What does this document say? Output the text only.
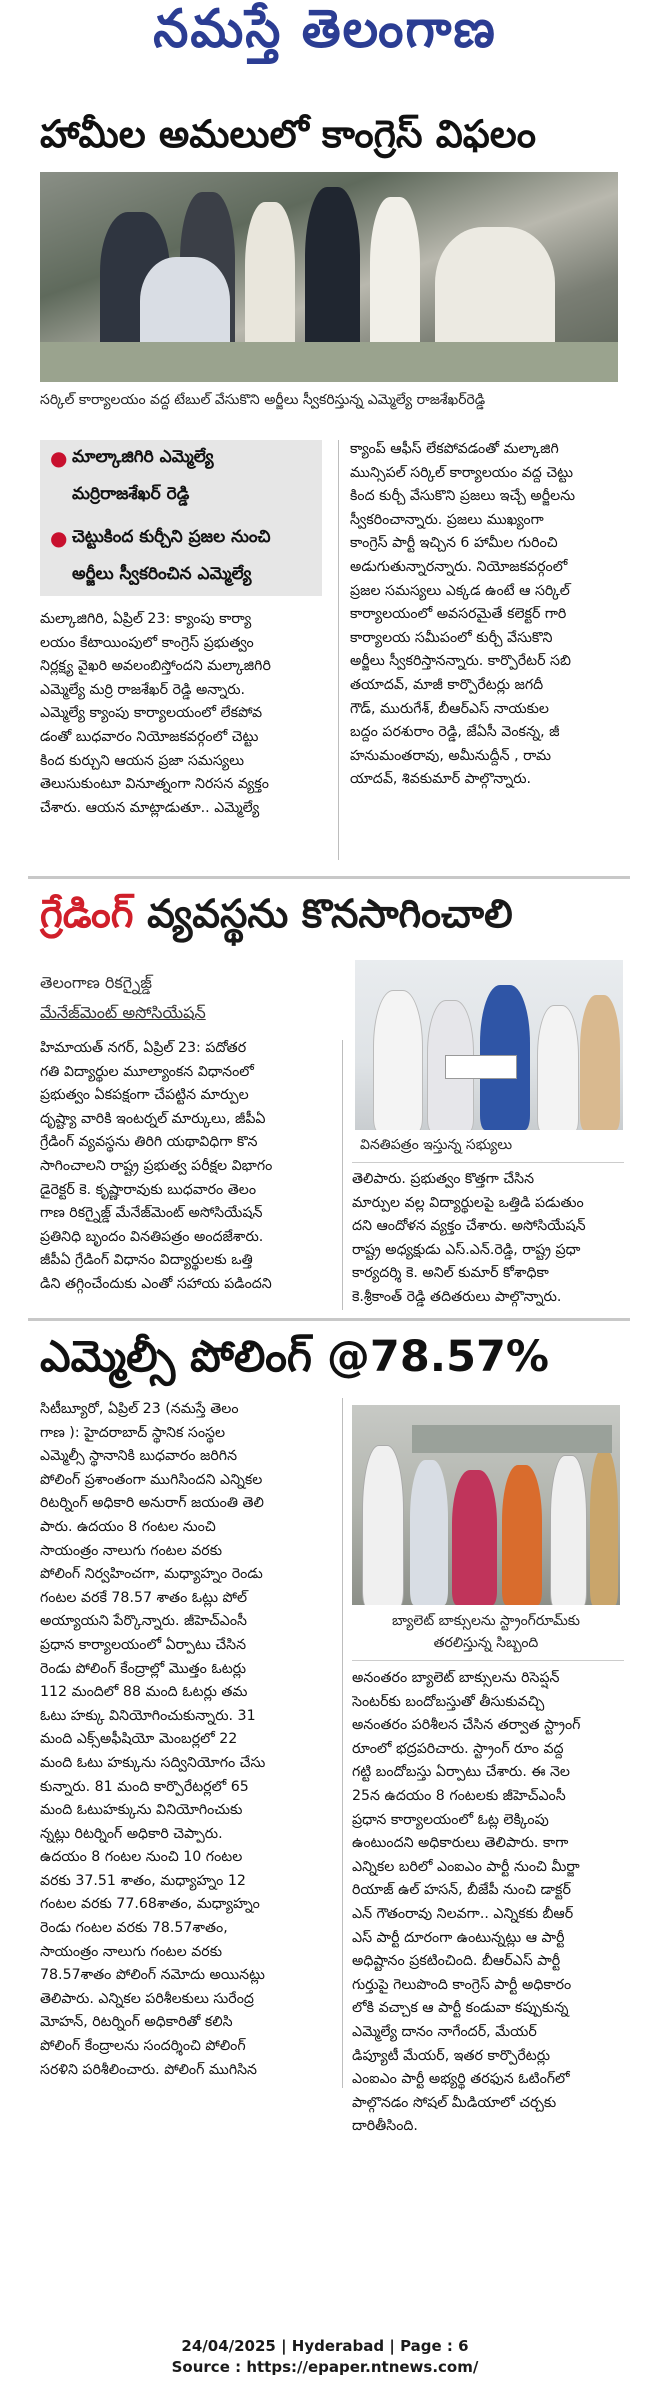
నమస్తే తెలంగాణ
హామీల అమలులో కాంగ్రెస్ విఫలం
సర్కిల్ కార్యాలయం వద్ద టేబుల్ వేసుకొని అర్జీలు స్వీకరిస్తున్న ఎమ్మెల్యే రాజశేఖర్‌రెడ్డి
● మాల్కాజిగిరి ఎమ్మెల్యే
మర్రిరాజశేఖర్ రెడ్డి
● చెట్టుకింద కుర్చీని ప్రజల నుంచి
అర్జీలు స్వీకరించిన ఎమ్మెల్యే
మల్కాజిగిరి, ఏప్రిల్ 23: క్యాంపు కార్యా
లయం కేటాయింపులో కాంగ్రెస్ ప్రభుత్వం
నిర్లక్ష్య వైఖరి అవలంబిస్తోందని మల్కాజిగిరి
ఎమ్మెల్యే మర్రి రాజశేఖర్ రెడ్డి అన్నారు.
ఎమ్మెల్యే క్యాంపు కార్యాలయంలో లేకపోవ
డంతో బుధవారం నియోజకవర్గంలో చెట్టు
కింద కుర్చుని ఆయన ప్రజా సమస్యలు
తెలుసుకుంటూ వినూత్నంగా నిరసన వ్యక్తం
చేశారు. ఆయన మాట్లాడుతూ.. ఎమ్మెల్యే
క్యాంప్ ఆఫీస్ లేకపోవడంతో మల్కాజిగి
మున్సిపల్ సర్కిల్ కార్యాలయం వద్ద చెట్టు
కింద కుర్చీ వేసుకొని ప్రజలు ఇచ్చే అర్జీలను
స్వీకరించాన్నారు. ప్రజలు ముఖ్యంగా
కాంగ్రెస్ పార్టీ ఇచ్చిన 6 హామీల గురించి
అడుగుతున్నారన్నారు. నియోజకవర్గంలో
ప్రజల సమస్యలు ఎక్కడ ఉంటే ఆ సర్కిల్
కార్యాలయంలో అవసరమైతే కలెక్టర్ గారి
కార్యాలయ సమీపంలో కుర్చీ వేసుకొని
అర్జీలు స్వీకరిస్తానన్నారు. కార్పొరేటర్ సబి
తయాదవ్, మాజీ కార్పొరేటర్లు జగదీ
గౌడ్, మురుగేశ్, బీఆర్‌ఎస్ నాయకుల
బద్దం పరశురాం రెడ్డి, జేఏసీ వెంకన్న, జీ
హనుమంతరావు, అమీనుద్దీన్ , రామ
యాదవ్, శివకుమార్ పాల్గొన్నారు.
గ్రేడింగ్ వ్యవస్థను కొనసాగించాలి
తెలంగాణ రికగ్నైజ్డ్
మేనేజ్‌మెంట్ అసోసియేషన్
హిమాయత్ నగర్, ఏప్రిల్ 23: పదోతర
గతి విద్యార్థుల మూల్యాంకన విధానంలో
ప్రభుత్వం ఏకపక్షంగా చేపట్టిన మార్పుల
దృష్ట్యా వారికి ఇంటర్నల్ మార్కులు, జీపీఏ
గ్రేడింగ్ వ్యవస్థను తిరిగి యథావిధిగా కొన
సాగించాలని రాష్ట్ర ప్రభుత్వ పరీక్షల విభాగం
డైరెక్టర్ కె. కృష్ణారావుకు బుధవారం తెలం
గాణ రికగ్నైజ్డ్ మేనేజ్‌మెంట్ అసోసియేషన్
ప్రతినిధి బృందం వినతిపత్రం అందజేశారు.
జీపీఏ గ్రేడింగ్ విధానం విద్యార్థులకు ఒత్తి
డిని తగ్గించేందుకు ఎంతో సహాయ పడిందని
వినతిపత్రం ఇస్తున్న సభ్యులు
తెలిపారు. ప్రభుత్వం కొత్తగా చేసిన
మార్పుల వల్ల విద్యార్థులపై ఒత్తిడి పడుతుం
దని ఆందోళన వ్యక్తం చేశారు. అసోసియేషన్
రాష్ట్ర అధ్యక్షుడు ఎస్.ఎన్.రెడ్డి, రాష్ట్ర ప్రధా
కార్యదర్శి కె. అనిల్ కుమార్ కోశాధికా
కె.శ్రీకాంత్ రెడ్డి తదితరులు పాల్గొన్నారు.
ఎమ్మెల్సీ పోలింగ్ @78.57%
సిటీబ్యూరో, ఏప్రిల్ 23 (నమస్తే తెలం
గాణ ): హైదరాబాద్ స్థానిక సంస్థల
ఎమ్మెల్సీ స్థానానికి బుధవారం జరిగిన
పోలింగ్ ప్రశాంతంగా ముగిసిందని ఎన్నికల
రిటర్నింగ్ అధికారి అనురాగ్ జయంతి తెలి
పారు. ఉదయం 8 గంటల నుంచి
సాయంత్రం నాలుగు గంటల వరకు
పోలింగ్ నిర్వహించగా, మధ్యాహ్నం రెండు
గంటల వరకే 78.57 శాతం ఓట్లు పోల్
అయ్యాయని పేర్కొన్నారు. జీహెచ్ఎంసీ
ప్రధాన కార్యాలయంలో ఏర్పాటు చేసిన
రెండు పోలింగ్ కేంద్రాల్లో మొత్తం ఓటర్లు
112 మందిలో 88 మంది ఓటర్లు తమ
ఓటు హక్కు వినియోగించుకున్నారు. 31
మంది ఎక్స్‌అఫీషియో మెంబర్లలో 22
మంది ఓటు హక్కును సద్వినియోగం చేసు
కున్నారు. 81 మంది కార్పొరేటర్లలో 65
మంది ఓటుహక్కును వినియోగించుకు
న్నట్లు రిటర్నింగ్ అధికారి చెప్పారు.
ఉదయం 8 గంటల నుంచి 10 గంటల
వరకు 37.51 శాతం, మధ్యాహ్నం 12
గంటల వరకు 77.68శాతం, మధ్యాహ్నం
రెండు గంటల వరకు 78.57శాతం,
సాయంత్రం నాలుగు గంటల వరకు
78.57శాతం పోలింగ్ నమోదు అయినట్లు
తెలిపారు. ఎన్నికల పరిశీలకులు సురేంద్ర
మోహన్, రిటర్నింగ్ అధికారితో కలిసి
పోలింగ్ కేంద్రాలను సందర్శించి పోలింగ్
సరళిని పరిశీలించారు. పోలింగ్ ముగిసిన
బ్యాలెట్ బాక్సులను స్ట్రాంగ్‌రూమ్‌కు
తరలిస్తున్న సిబ్బంది
అనంతరం బ్యాలెట్ బాక్సులను రిసెప్షన్
సెంటర్‌కు బందోబస్తుతో తీసుకువచ్చి
అనంతరం పరిశీలన చేసిన తర్వాత స్ట్రాంగ్
రూంలో భద్రపరిచారు. స్ట్రాంగ్ రూం వద్ద
గట్టి బందోబస్తు ఏర్పాటు చేశారు. ఈ నెల
25న ఉదయం 8 గంటలకు జీహెచ్ఎంసీ
ప్రధాన కార్యాలయంలో ఓట్ల లెక్కింపు
ఉంటుందని అధికారులు తెలిపారు. కాగా
ఎన్నికల బరిలో ఎంఐఎం పార్టీ నుంచి మీర్జా
రియాజ్ ఉల్ హసన్, బీజేపీ నుంచి డాక్టర్
ఎన్ గౌతంరావు నిలవగా.. ఎన్నికకు బీఆర్
ఎస్ పార్టీ దూరంగా ఉంటున్నట్లు ఆ పార్టీ
అధిష్టానం ప్రకటించింది. బీఆర్‌ఎస్ పార్టీ
గుర్తుపై గెలుపొంది కాంగ్రెస్ పార్టీ అధికారం
లోకి వచ్చాక ఆ పార్టీ కండువా కప్పుకున్న
ఎమ్మెల్యే దానం నాగేందర్, మేయర్
డిప్యూటీ మేయర్, ఇతర కార్పొరేటర్లు
ఎంఐఎం పార్టీ అభ్యర్థి తరఫున ఓటింగ్‌లో
పాల్గొనడం సోషల్ మీడియాలో చర్చకు
దారితీసింది.
24/04/2025 | Hyderabad | Page : 6
Source : https://epaper.ntnews.com/
